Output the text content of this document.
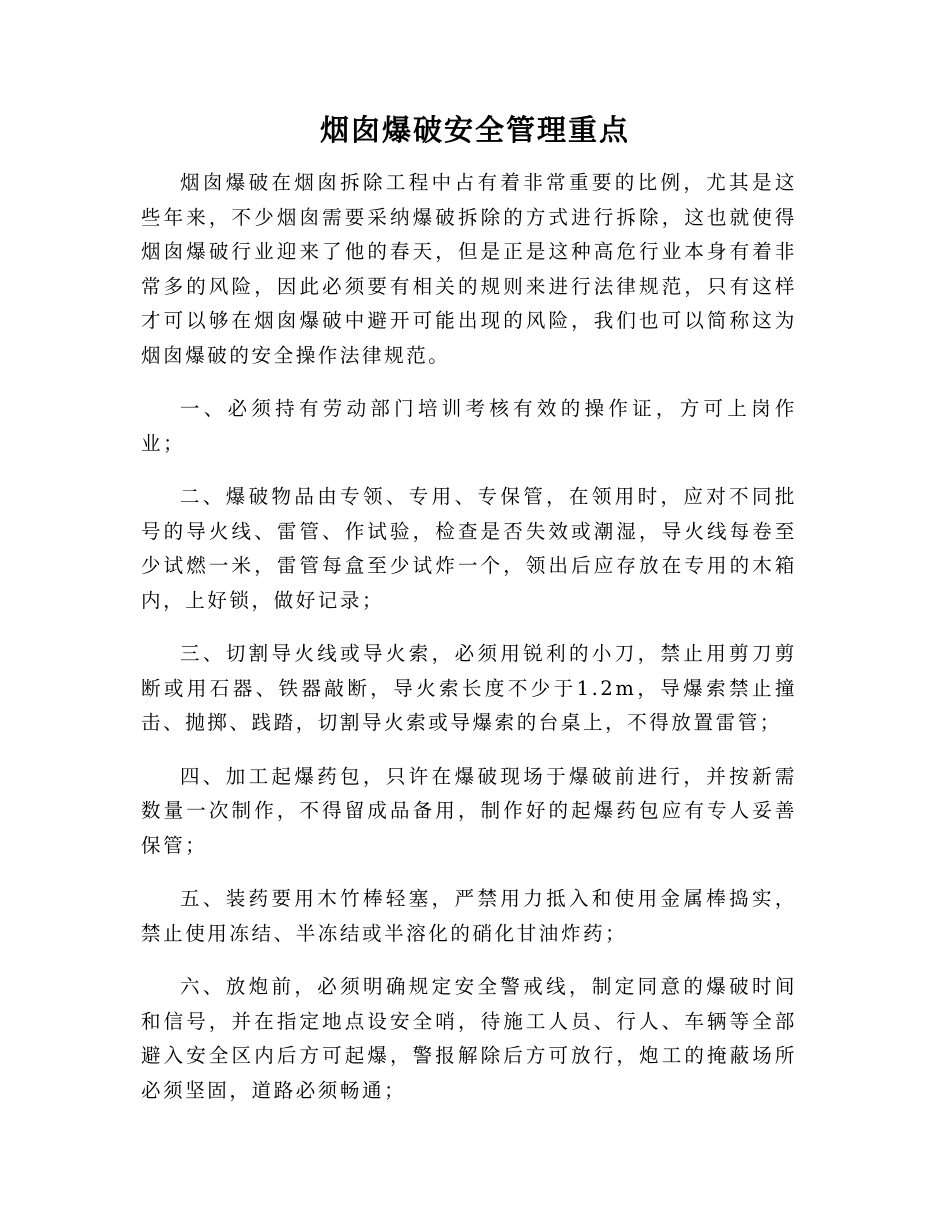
烟囱爆破安全管理重点

烟囱爆破在烟囱拆除工程中占有着非常重要的比例，尤其是这些年来，不少烟囱需要采纳爆破拆除的方式进行拆除，这也就使得烟囱爆破行业迎来了他的春天，但是正是这种高危行业本身有着非常多的风险，因此必须要有相关的规则来进行法律规范，只有这样才可以够在烟囱爆破中避开可能出现的风险，我们也可以简称这为烟囱爆破的安全操作法律规范。

一、必须持有劳动部门培训考核有效的操作证，方可上岗作业；

二、爆破物品由专领、专用、专保管，在领用时，应对不同批号的导火线、雷管、作试验，检查是否失效或潮湿，导火线每卷至少试燃一米，雷管每盒至少试炸一个，领出后应存放在专用的木箱内，上好锁，做好记录；

三、切割导火线或导火索，必须用锐利的小刀，禁止用剪刀剪断或用石器、铁器敲断，导火索长度不少于1.2m，导爆索禁止撞击、抛掷、践踏，切割导火索或导爆索的台桌上，不得放置雷管；

四、加工起爆药包，只许在爆破现场于爆破前进行，并按新需数量一次制作，不得留成品备用，制作好的起爆药包应有专人妥善保管；

五、装药要用木竹棒轻塞，严禁用力抵入和使用金属棒捣实，禁止使用冻结、半冻结或半溶化的硝化甘油炸药；

六、放炮前，必须明确规定安全警戒线，制定同意的爆破时间和信号，并在指定地点设安全哨，待施工人员、行人、车辆等全部避入安全区内后方可起爆，警报解除后方可放行，炮工的掩蔽场所必须坚固，道路必须畅通；
